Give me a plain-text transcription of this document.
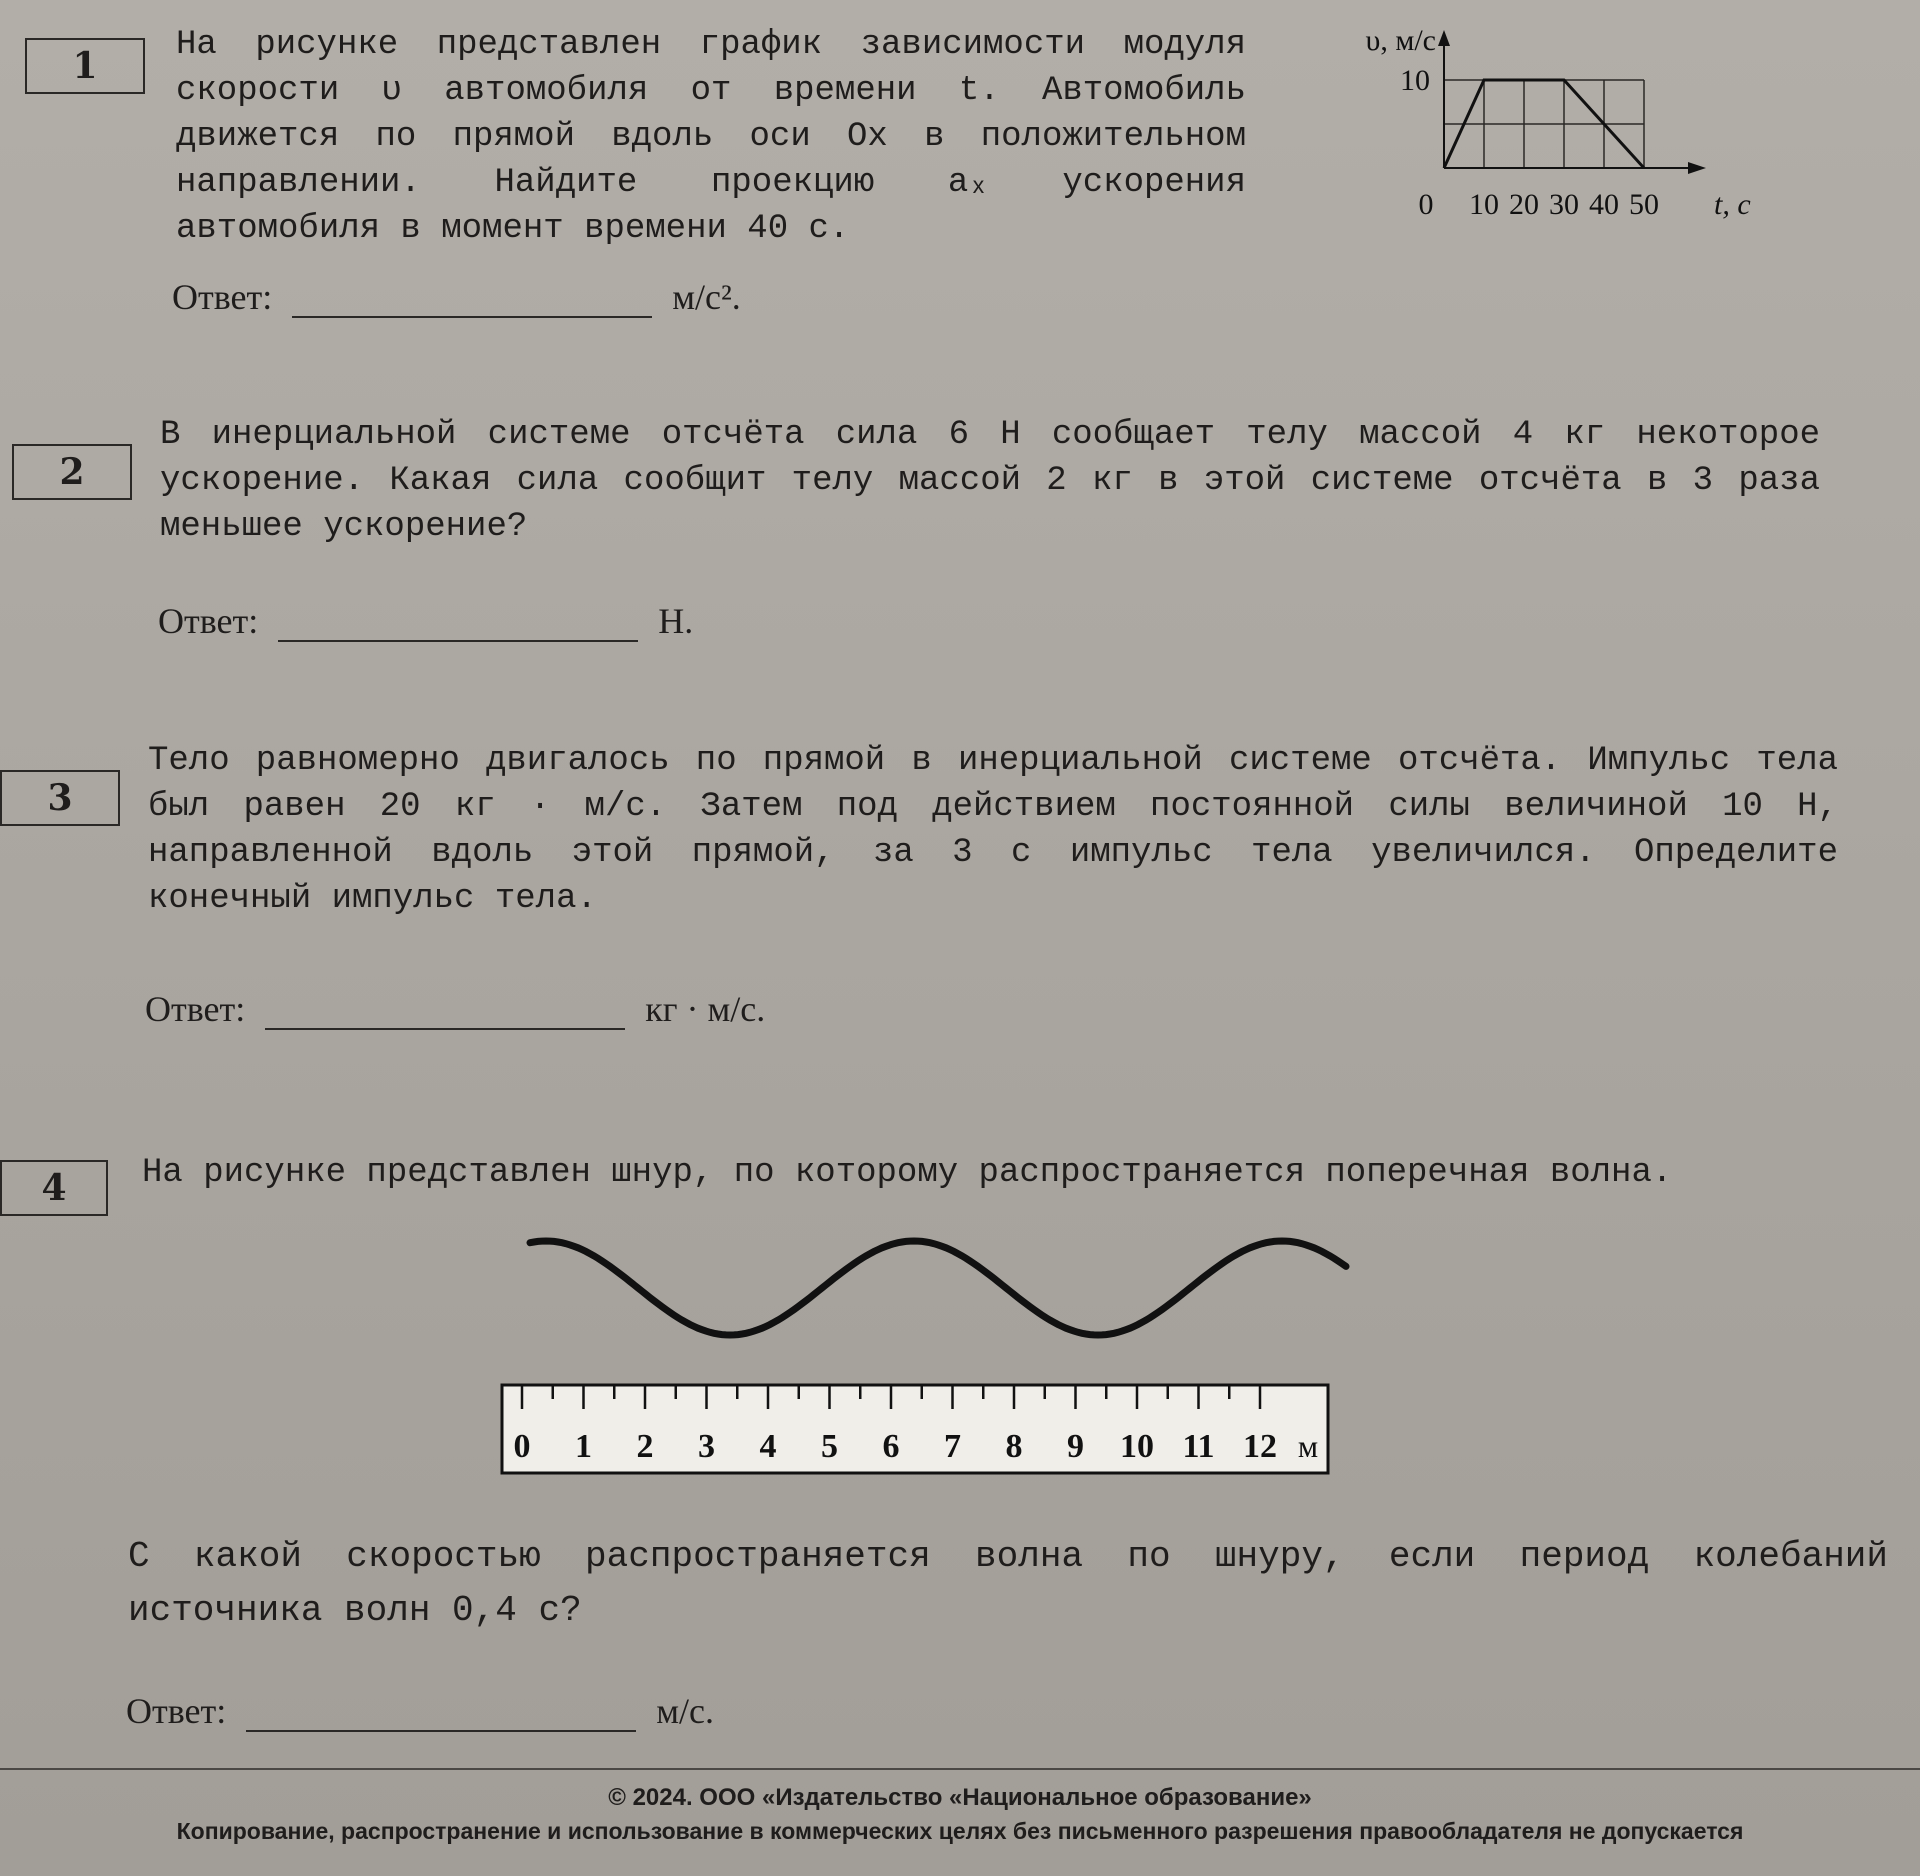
1	На рисунке представлен график зависимости модуля скорости υ автомобиля от времени t. Автомобиль движется по прямой вдоль оси Ox в положительном направлении. Найдите проекцию aₓ ускорения автомобиля в момент времени 40 с.
0 10 20 30 40 50
10
t, с
υ, м/с
Ответ:	м/с².
2
В инерциальной системе отсчёта сила 6 Н сообщает телу массой 4 кг некоторое ускорение. Какая сила сообщит телу массой 2 кг в этой системе отсчёта в 3 раза меньшее ускорение?
Ответ:	Н.
3
Тело равномерно двигалось по прямой в инерциальной системе отсчёта. Импульс тела был равен 20 кг · м/с. Затем под действием постоянной силы величиной 10 Н, направленной вдоль этой прямой, за 3 с импульс тела увеличился. Определите конечный импульс тела.
Ответ:	кг · м/с.
4	На рисунке представлен шнур, по которому распространяется поперечная волна.
0 1 2 3 4 5 6 7 8 9 10 11 12 м
С какой скоростью распространяется волна по шнуру, если период колебаний источника волн 0,4 с?
Ответ:	м/с.
© 2024. ООО «Издательство «Национальное образование»
Копирование, распространение и использование в коммерческих целях без письменного разрешения правообладателя не допускается
